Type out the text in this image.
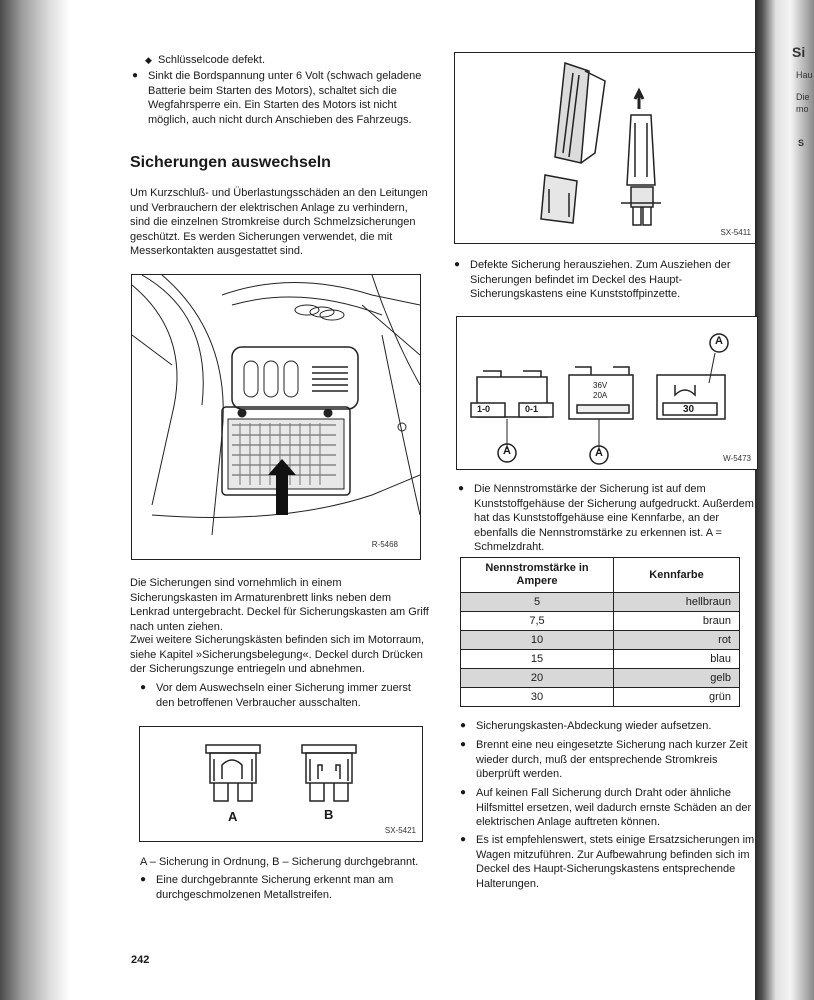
Si
Hau
Die
mo
S
◆ Schlüsselcode defekt.
● Sinkt die Bordspannung unter 6 Volt (schwach geladene Batterie beim Starten des Motors), schaltet sich die Wegfahrsperre ein. Ein Starten des Motors ist nicht möglich, auch nicht durch Anschieben des Fahrzeugs.
Sicherungen auswechseln
Um Kurzschluß- und Überlastungsschäden an den Leitungen und Verbrauchern der elektrischen Anlage zu verhindern, sind die einzelnen Stromkreise durch Schmelzsicherungen geschützt. Es werden Sicherungen verwendet, die mit Messerkontakten ausgestattet sind.
R-5468
Die Sicherungen sind vornehmlich in einem Sicherungskasten im Armaturenbrett links neben dem Lenkrad untergebracht. Deckel für Sicherungskasten am Griff nach unten ziehen.
Zwei weitere Sicherungskästen befinden sich im Motorraum, siehe Kapitel »Sicherungsbelegung«. Deckel durch Drücken der Sicherungszunge entriegeln und abnehmen.
● Vor dem Auswechseln einer Sicherung immer zuerst den betroffenen Verbraucher ausschalten.
A	B
SX-5421
A – Sicherung in Ordnung, B – Sicherung durchgebrannt.
● Eine durchgebrannte Sicherung erkennt man am durchgeschmolzenen Metallstreifen.
242
SX-5411
● Defekte Sicherung herausziehen. Zum Ausziehen der Sicherungen befindet im Deckel des Haupt-Sicherungskastens eine Kunststoffpinzette.
1-0	0-1
36V
20A
30
A	A
A
W-5473
● Die Nennstromstärke der Sicherung ist auf dem Kunststoffgehäuse der Sicherung aufgedruckt. Außerdem hat das Kunststoffgehäuse eine Kennfarbe, an der ebenfalls die Nennstromstärke zu erkennen ist. A = Schmelzdraht.
Nennstromstärke in Ampere	Kennfarbe
5	hellbraun
7,5	braun
10	rot
15	blau
20	gelb
30	grün
● Sicherungskasten-Abdeckung wieder aufsetzen.
● Brennt eine neu eingesetzte Sicherung nach kurzer Zeit wieder durch, muß der entsprechende Stromkreis überprüft werden.
● Auf keinen Fall Sicherung durch Draht oder ähnliche Hilfsmittel ersetzen, weil dadurch ernste Schäden an der elektrischen Anlage auftreten können.
● Es ist empfehlenswert, stets einige Ersatzsicherungen im Wagen mitzuführen. Zur Aufbewahrung befinden sich im Deckel des Haupt-Sicherungskastens entsprechende Halterungen.
